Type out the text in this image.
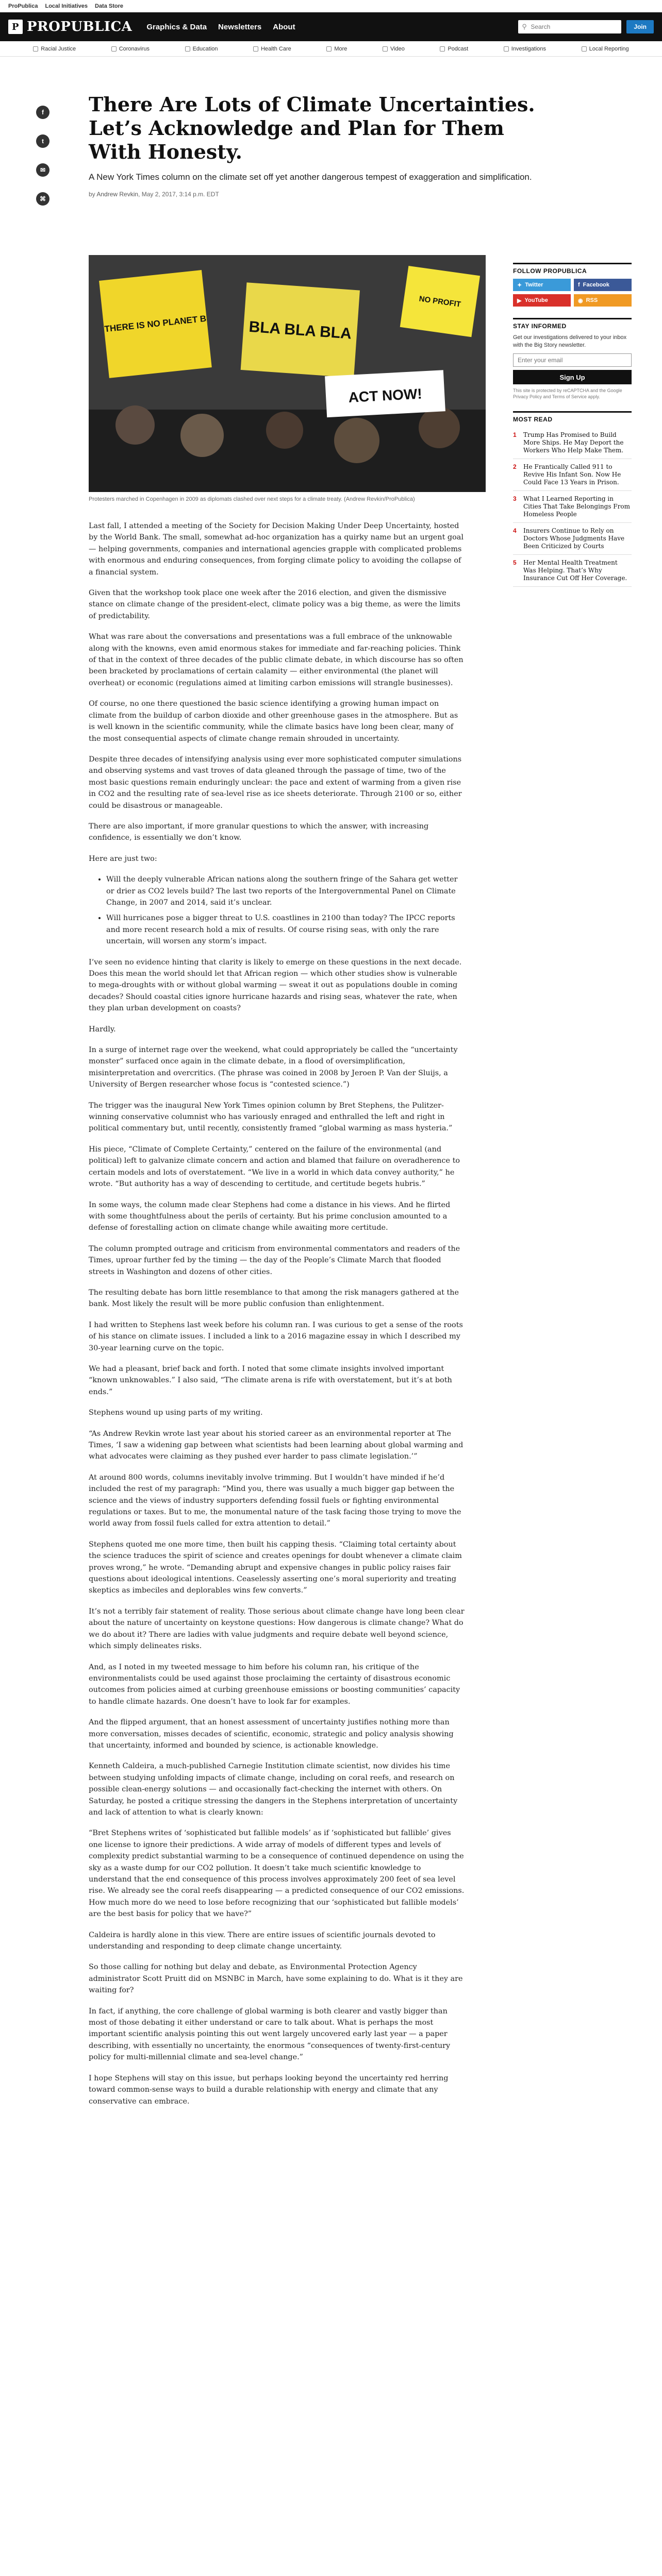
ProPublica Local Initiatives Data Store
P PROPUBLICA Graphics & Data Newsletters About	⚲
Search	Join
Racial Justice	Coronavirus	Education	Health Care	More	Video	Podcast	Investigations	Local Reporting
f
t
✉
⌘
There Are Lots of Climate Uncertainties. Let’s Acknowledge and Plan for Them With Honesty.

A New York Times column on the climate set off yet another dangerous tempest of exaggeration and simplification.

by Andrew Revkin, May 2, 2017, 3:14 p.m. EDT

THERE IS NO PLANET B	BLA BLA BLA
ACT NOW!
NO PROFIT

Protesters marched in Copenhagen in 2009 as diplomats clashed over next steps for a climate treaty. (Andrew Revkin/ProPublica)

FOLLOW PROPUBLICA
✦ Twitter	f Facebook
▶ YouTube	◉ RSS
STAY INFORMED

Get our investigations delivered to your inbox with the Big Story newsletter.

Enter your email Sign Up

This site is protected by reCAPTCHA and the Google Privacy Policy and Terms of Service apply.

MOST READ
1	Trump Has Promised to Build More Ships. He May Deport the Workers Who Help Make Them.
2	He Frantically Called 911 to Revive His Infant Son. Now He Could Face 13 Years in Prison.
3	What I Learned Reporting in Cities That Take Belongings From Homeless People
4	Insurers Continue to Rely on Doctors Whose Judgments Have Been Criticized by Courts
5	Her Mental Health Treatment Was Helping. That’s Why Insurance Cut Off Her Coverage.

Last fall, I attended a meeting of the Society for Decision Making Under Deep Uncertainty, hosted by the World Bank. The small, somewhat ad-hoc organization has a quirky name but an urgent goal — helping governments, companies and international agencies grapple with complicated problems with enormous and enduring consequences, from forging climate policy to avoiding the collapse of a financial system.

Given that the workshop took place one week after the 2016 election, and given the dismissive stance on climate change of the president-elect, climate policy was a big theme, as were the limits of predictability.

What was rare about the conversations and presentations was a full embrace of the unknowable along with the knowns, even amid enormous stakes for immediate and far-reaching policies. Think of that in the context of three decades of the public climate debate, in which discourse has so often been bracketed by proclamations of certain calamity — either environmental (the planet will overheat) or economic (regulations aimed at limiting carbon emissions will strangle businesses).

Of course, no one there questioned the basic science identifying a growing human impact on climate from the buildup of carbon dioxide and other greenhouse gases in the atmosphere. But as is well known in the scientific community, while the climate basics have long been clear, many of the most consequential aspects of climate change remain shrouded in uncertainty.

Despite three decades of intensifying analysis using ever more sophisticated computer simulations and observing systems and vast troves of data gleaned through the passage of time, two of the most basic questions remain enduringly unclear: the pace and extent of warming from a given rise in CO2 and the resulting rate of sea-level rise as ice sheets deteriorate. Through 2100 or so, either could be disastrous or manageable.

There are also important, if more granular questions to which the answer, with increasing confidence, is essentially we don’t know.

Here are just two:

• Will the deeply vulnerable African nations along the southern fringe of the Sahara get wetter or drier as CO2 levels build? The last two reports of the Intergovernmental Panel on Climate Change, in 2007 and 2014, said it’s unclear.
• Will hurricanes pose a bigger threat to U.S. coastlines in 2100 than today? The IPCC reports and more recent research hold a mix of results. Of course rising seas, with only the rare uncertain, will worsen any storm’s impact.

I’ve seen no evidence hinting that clarity is likely to emerge on these questions in the next decade. Does this mean the world should let that African region — which other studies show is vulnerable to mega-droughts with or without global warming — sweat it out as populations double in coming decades? Should coastal cities ignore hurricane hazards and rising seas, whatever the rate, when they plan urban development on coasts?

Hardly.

In a surge of internet rage over the weekend, what could appropriately be called the “uncertainty monster” surfaced once again in the climate debate, in a flood of oversimplification, misinterpretation and overcritics. (The phrase was coined in 2008 by Jeroen P. Van der Sluijs, a University of Bergen researcher whose focus is “contested science.”)

The trigger was the inaugural New York Times opinion column by Bret Stephens, the Pulitzer-winning conservative columnist who has variously enraged and enthralled the left and right in political commentary but, until recently, consistently framed “global warming as mass hysteria.”

His piece, “Climate of Complete Certainty,” centered on the failure of the environmental (and political) left to galvanize climate concern and action and blamed that failure on overadherence to certain models and lots of overstatement. “We live in a world in which data convey authority,” he wrote. “But authority has a way of descending to certitude, and certitude begets hubris.”

In some ways, the column made clear Stephens had come a distance in his views. And he flirted with some thoughtfulness about the perils of certainty. But his prime conclusion amounted to a defense of forestalling action on climate change while awaiting more certitude.

The column prompted outrage and criticism from environmental commentators and readers of the Times, uproar further fed by the timing — the day of the People’s Climate March that flooded streets in Washington and dozens of other cities.

The resulting debate has born little resemblance to that among the risk managers gathered at the bank. Most likely the result will be more public confusion than enlightenment.

I had written to Stephens last week before his column ran. I was curious to get a sense of the roots of his stance on climate issues. I included a link to a 2016 magazine essay in which I described my 30-year learning curve on the topic.

We had a pleasant, brief back and forth. I noted that some climate insights involved important “known unknowables.” I also said, “The climate arena is rife with overstatement, but it’s at both ends.”

Stephens wound up using parts of my writing.

“As Andrew Revkin wrote last year about his storied career as an environmental reporter at The Times, ‘I saw a widening gap between what scientists had been learning about global warming and what advocates were claiming as they pushed ever harder to pass climate legislation.’”

At around 800 words, columns inevitably involve trimming. But I wouldn’t have minded if he’d included the rest of my paragraph: “Mind you, there was usually a much bigger gap between the science and the views of industry supporters defending fossil fuels or fighting environmental regulations or taxes. But to me, the monumental nature of the task facing those trying to move the world away from fossil fuels called for extra attention to detail.”

Stephens quoted me one more time, then built his capping thesis. “Claiming total certainty about the science traduces the spirit of science and creates openings for doubt whenever a climate claim proves wrong,” he wrote. “Demanding abrupt and expensive changes in public policy raises fair questions about ideological intentions. Ceaselessly asserting one’s moral superiority and treating skeptics as imbeciles and deplorables wins few converts.”

It’s not a terribly fair statement of reality. Those serious about climate change have long been clear about the nature of uncertainty on keystone questions: How dangerous is climate change? What do we do about it? There are ladies with value judgments and require debate well beyond science, which simply delineates risks.

And, as I noted in my tweeted message to him before his column ran, his critique of the environmentalists could be used against those proclaiming the certainty of disastrous economic outcomes from policies aimed at curbing greenhouse emissions or boosting communities’ capacity to handle climate hazards. One doesn’t have to look far for examples.

And the flipped argument, that an honest assessment of uncertainty justifies nothing more than more conversation, misses decades of scientific, economic, strategic and policy analysis showing that uncertainty, informed and bounded by science, is actionable knowledge.

Kenneth Caldeira, a much-published Carnegie Institution climate scientist, now divides his time between studying unfolding impacts of climate change, including on coral reefs, and research on possible clean-energy solutions — and occasionally fact-checking the internet with others. On Saturday, he posted a critique stressing the dangers in the Stephens interpretation of uncertainty and lack of attention to what is clearly known:

“Bret Stephens writes of ‘sophisticated but fallible models’ as if ‘sophisticated but fallible’ gives one license to ignore their predictions. A wide array of models of different types and levels of complexity predict substantial warming to be a consequence of continued dependence on using the sky as a waste dump for our CO2 pollution. It doesn’t take much scientific knowledge to understand that the end consequence of this process involves approximately 200 feet of sea level rise. We already see the coral reefs disappearing — a predicted consequence of our CO2 emissions. How much more do we need to lose before recognizing that our ‘sophisticated but fallible models’ are the best basis for policy that we have?”

Caldeira is hardly alone in this view. There are entire issues of scientific journals devoted to understanding and responding to deep climate change uncertainty.

So those calling for nothing but delay and debate, as Environmental Protection Agency administrator Scott Pruitt did on MSNBC in March, have some explaining to do. What is it they are waiting for?

In fact, if anything, the core challenge of global warming is both clearer and vastly bigger than most of those debating it either understand or care to talk about. What is perhaps the most important scientific analysis pointing this out went largely uncovered early last year — a paper describing, with essentially no uncertainty, the enormous “consequences of twenty-first-century policy for multi-millennial climate and sea-level change.”

I hope Stephens will stay on this issue, but perhaps looking beyond the uncertainty red herring toward common-sense ways to build a durable relationship with energy and climate that any conservative can embrace.
